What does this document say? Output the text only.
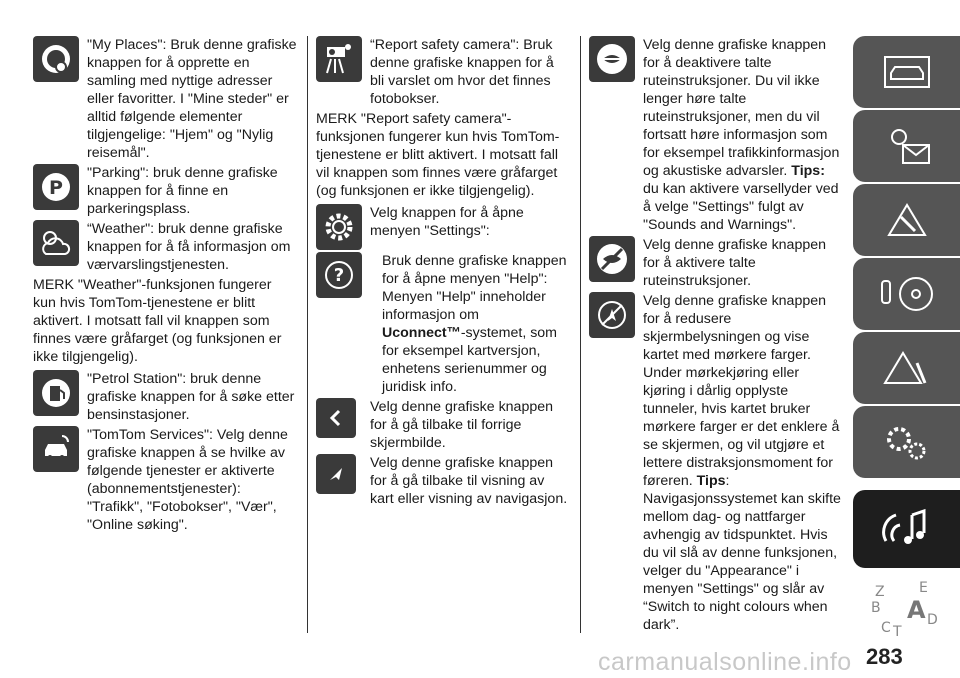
"My Places": Bruk denne grafiske knappen for å opprette en samling med nyttige adresser eller favoritter. I "Mine steder" er alltid følgende elementer tilgjengelige: "Hjem" og "Nylig reisemål".
P
"Parking": bruk denne grafiske knappen for å finne en parkeringsplass.
“Weather": bruk denne grafiske knappen for å få informasjon om værvarslingstjenesten.
MERK "Weather"-funksjonen fungerer kun hvis TomTom-tjenestene er blitt aktivert. I motsatt fall vil knappen som finnes være gråfarget (og funksjonen er ikke tilgjengelig).
"Petrol Station": bruk denne grafiske knappen for å søke etter bensinstasjoner.
"TomTom Services": Velg denne grafiske knappen å se hvilke av følgende tjenester er aktiverte (abonnementstjenester): "Trafikk", "Fotobokser", "Vær", "Online søking".
“Report safety camera": Bruk denne grafiske knappen for å bli varslet om hvor det finnes fotobokser.
MERK "Report safety camera"-funksjonen fungerer kun hvis TomTom-tjenestene er blitt aktivert. I motsatt fall vil knappen som finnes være gråfarget (og funksjonen er ikke tilgjengelig).
Velg knappen for å åpne menyen "Settings":
?
Bruk denne grafiske knappen for å åpne menyen "Help": Menyen "Help" inneholder informasjon om
Uconnect™-systemet, som for eksempel kartversjon, enhetens serienummer og juridisk info.
Velg denne grafiske knappen for å gå tilbake til forrige skjermbilde.
Velg denne grafiske knappen for å gå tilbake til visning av kart eller visning av navigasjon.
Velg denne grafiske knappen for å deaktivere talte ruteinstruksjoner. Du vil ikke lenger høre talte ruteinstruksjoner, men du vil fortsatt høre informasjon som for eksempel trafikkinformasjon og akustiske advarsler. Tips: du kan aktivere varsellyder ved å velge "Settings" fulgt av "Sounds and Warnings".
Velg denne grafiske knappen for å aktivere talte ruteinstruksjoner.
Velg denne grafiske knappen for å redusere skjermbelysningen og vise kartet med mørkere farger. Under mørkekjøring eller kjøring i dårlig opplyste tunneler, hvis kartet bruker mørkere farger er det enklere å se skjermen, og vil utgjøre et lettere distraksjonsmoment for føreren. Tips: Navigasjonssystemet kan skifte mellom dag- og nattfarger avhengig av tidspunktet. Hvis du vil slå av denne funksjonen, velger du "Appearance" i menyen "Settings" og slår av “Switch to night colours when dark”.
Z E
B A
C T
D
carmanualsonline.info 283
